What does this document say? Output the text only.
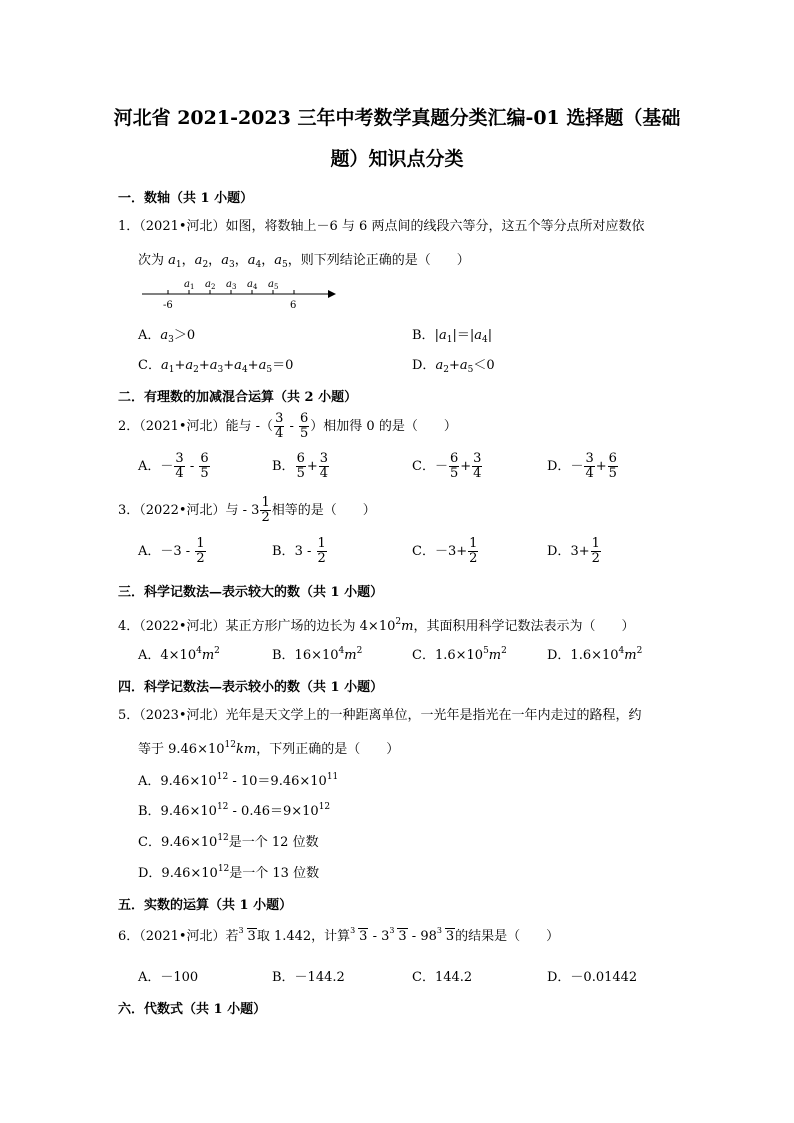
河北省 2021-2023 三年中考数学真题分类汇编-01 选择题（基础
题）知识点分类
一．数轴（共 1 小题）
1．（2021•河北）如图，将数轴上－6 与 6 两点间的线段六等分，这五个等分点所对应数依
次为 $a_1$，$a_2$，$a_3$，$a_4$，$a_5$，则下列结论正确的是（　　）
$a_1$ $a_2$ $a_3$ $a_4$ $a_5$
-6	6
A．$a_3>0$	B．$|a_1|=|a_4|$
C．$a_1+a_2+a_3+a_4+a_5=0$	D．$a_2+a_5<0$
二．有理数的加减混合运算（共 2 小题）
2．（2021•河北）能与 -（ $\frac{3}{4} - \frac{6}{5}$ ）相加得 0 的是（　　）
A．－ $\frac{3}{4} - \frac{6}{5}$	B． $\frac{6}{5} + \frac{3}{4}$	C．－ $\frac{6}{5} + \frac{3}{4}$	D．－ $\frac{3}{4} + \frac{6}{5}$
3．（2022•河北）与 - $3 \frac{1}{2}$ 相等的是（　　）
A．$-3 - \frac{1}{2}$	B．$3 - \frac{1}{2}$	C．$-3+ \frac{1}{2}$	D．$3+ \frac{1}{2}$
三．科学记数法—表示较大的数（共 1 小题）
4．（2022•河北）某正方形广场的边长为 $4\times 10^2m$，其面积用科学记数法表示为（　　）
A．$4\times 10^4m^2$	B．$16\times 10^4m^2$	C．$1.6\times 10^5m^2$	D．$1.6\times 10^4m^2$
四．科学记数法—表示较小的数（共 1 小题）
5．（2023•河北）光年是天文学上的一种距离单位，一光年是指光在一年内走过的路程，约
等于 $9.46\times 10^{12}km$，下列正确的是（　　）
A．$9.46\times 10^{12} - 10=9.46\times 10^{11}$
B．$9.46\times 10^{12} - 0.46=9\times 10^{12}$
C．$9.46\times 10^{12}$是一个 12 位数
D．$9.46\times 10^{12}$是一个 13 位数
五．实数的运算（共 1 小题）
6．（2021•河北）若 3 3取 1.442，计算 3 3 - 3 3 3 - 98 3 3的结果是（　　）
A．－100	B．－144.2	C．144.2	D．－0.01442
六．代数式（共 1 小题）
